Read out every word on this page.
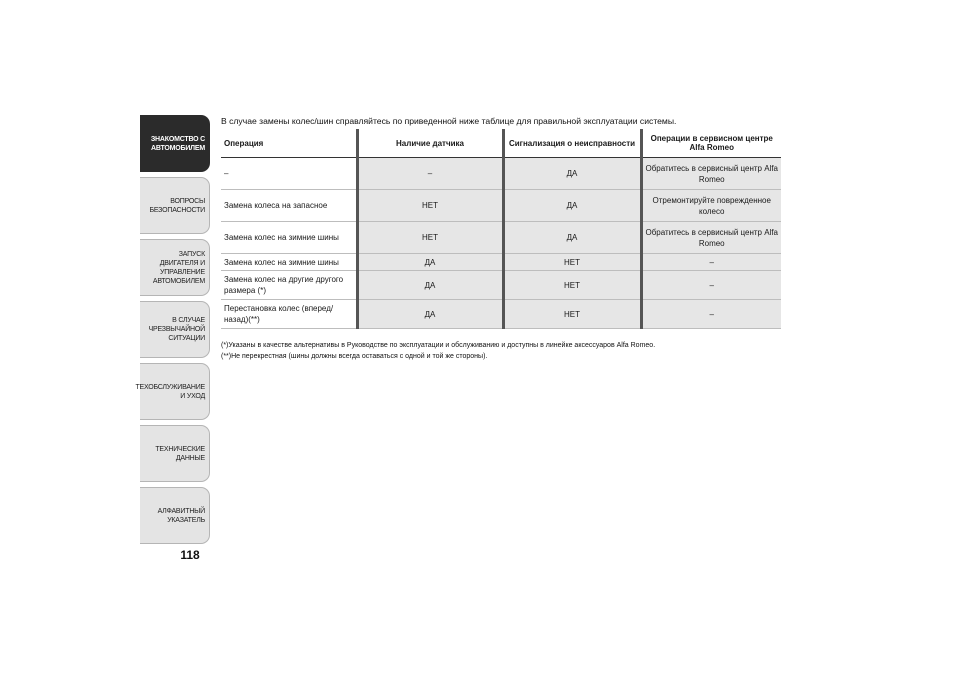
ЗНАКОМСТВО С
АВТОМОБИЛЕМ
ВОПРОСЫ
БЕЗОПАСНОСТИ
ЗАПУСК ДВИГАТЕЛЯ И
УПРАВЛЕНИЕ
АВТОМОБИЛЕМ
В СЛУЧАЕ
ЧРЕЗВЫЧАЙНОЙ
СИТУАЦИИ
ТЕХОБСЛУЖИВАНИЕ
И УХОД
ТЕХНИЧЕСКИЕ
ДАННЫЕ
АЛФАВИТНЫЙ
УКАЗАТЕЛЬ
118

В случае замены колес/шин справляйтесь по приведенной ниже таблице для правильной эксплуатации системы.

Операция	Наличие датчика	Сигнализация о неисправности	Операции в сервисном центре Alfa Romeo
–	–	ДА	Обратитесь в сервисный центр Alfa Romeo
Замена колеса на запасное	НЕТ	ДА	Отремонтируйте поврежденное колесо
Замена колес на зимние шины	НЕТ	ДА	Обратитесь в сервисный центр Alfa Romeo
Замена колес на зимние шины	ДА	НЕТ	–
Замена колес на другие другого размера (*)	ДА	НЕТ	–
Перестановка колес (вперед/назад)(**)	ДА	НЕТ	–
(*)Указаны в качестве альтернативы в Руководстве по эксплуатации и обслуживанию и доступны в линейке аксессуаров Alfa Romeo.
(**)Не перекрестная (шины должны всегда оставаться с одной и той же стороны).
